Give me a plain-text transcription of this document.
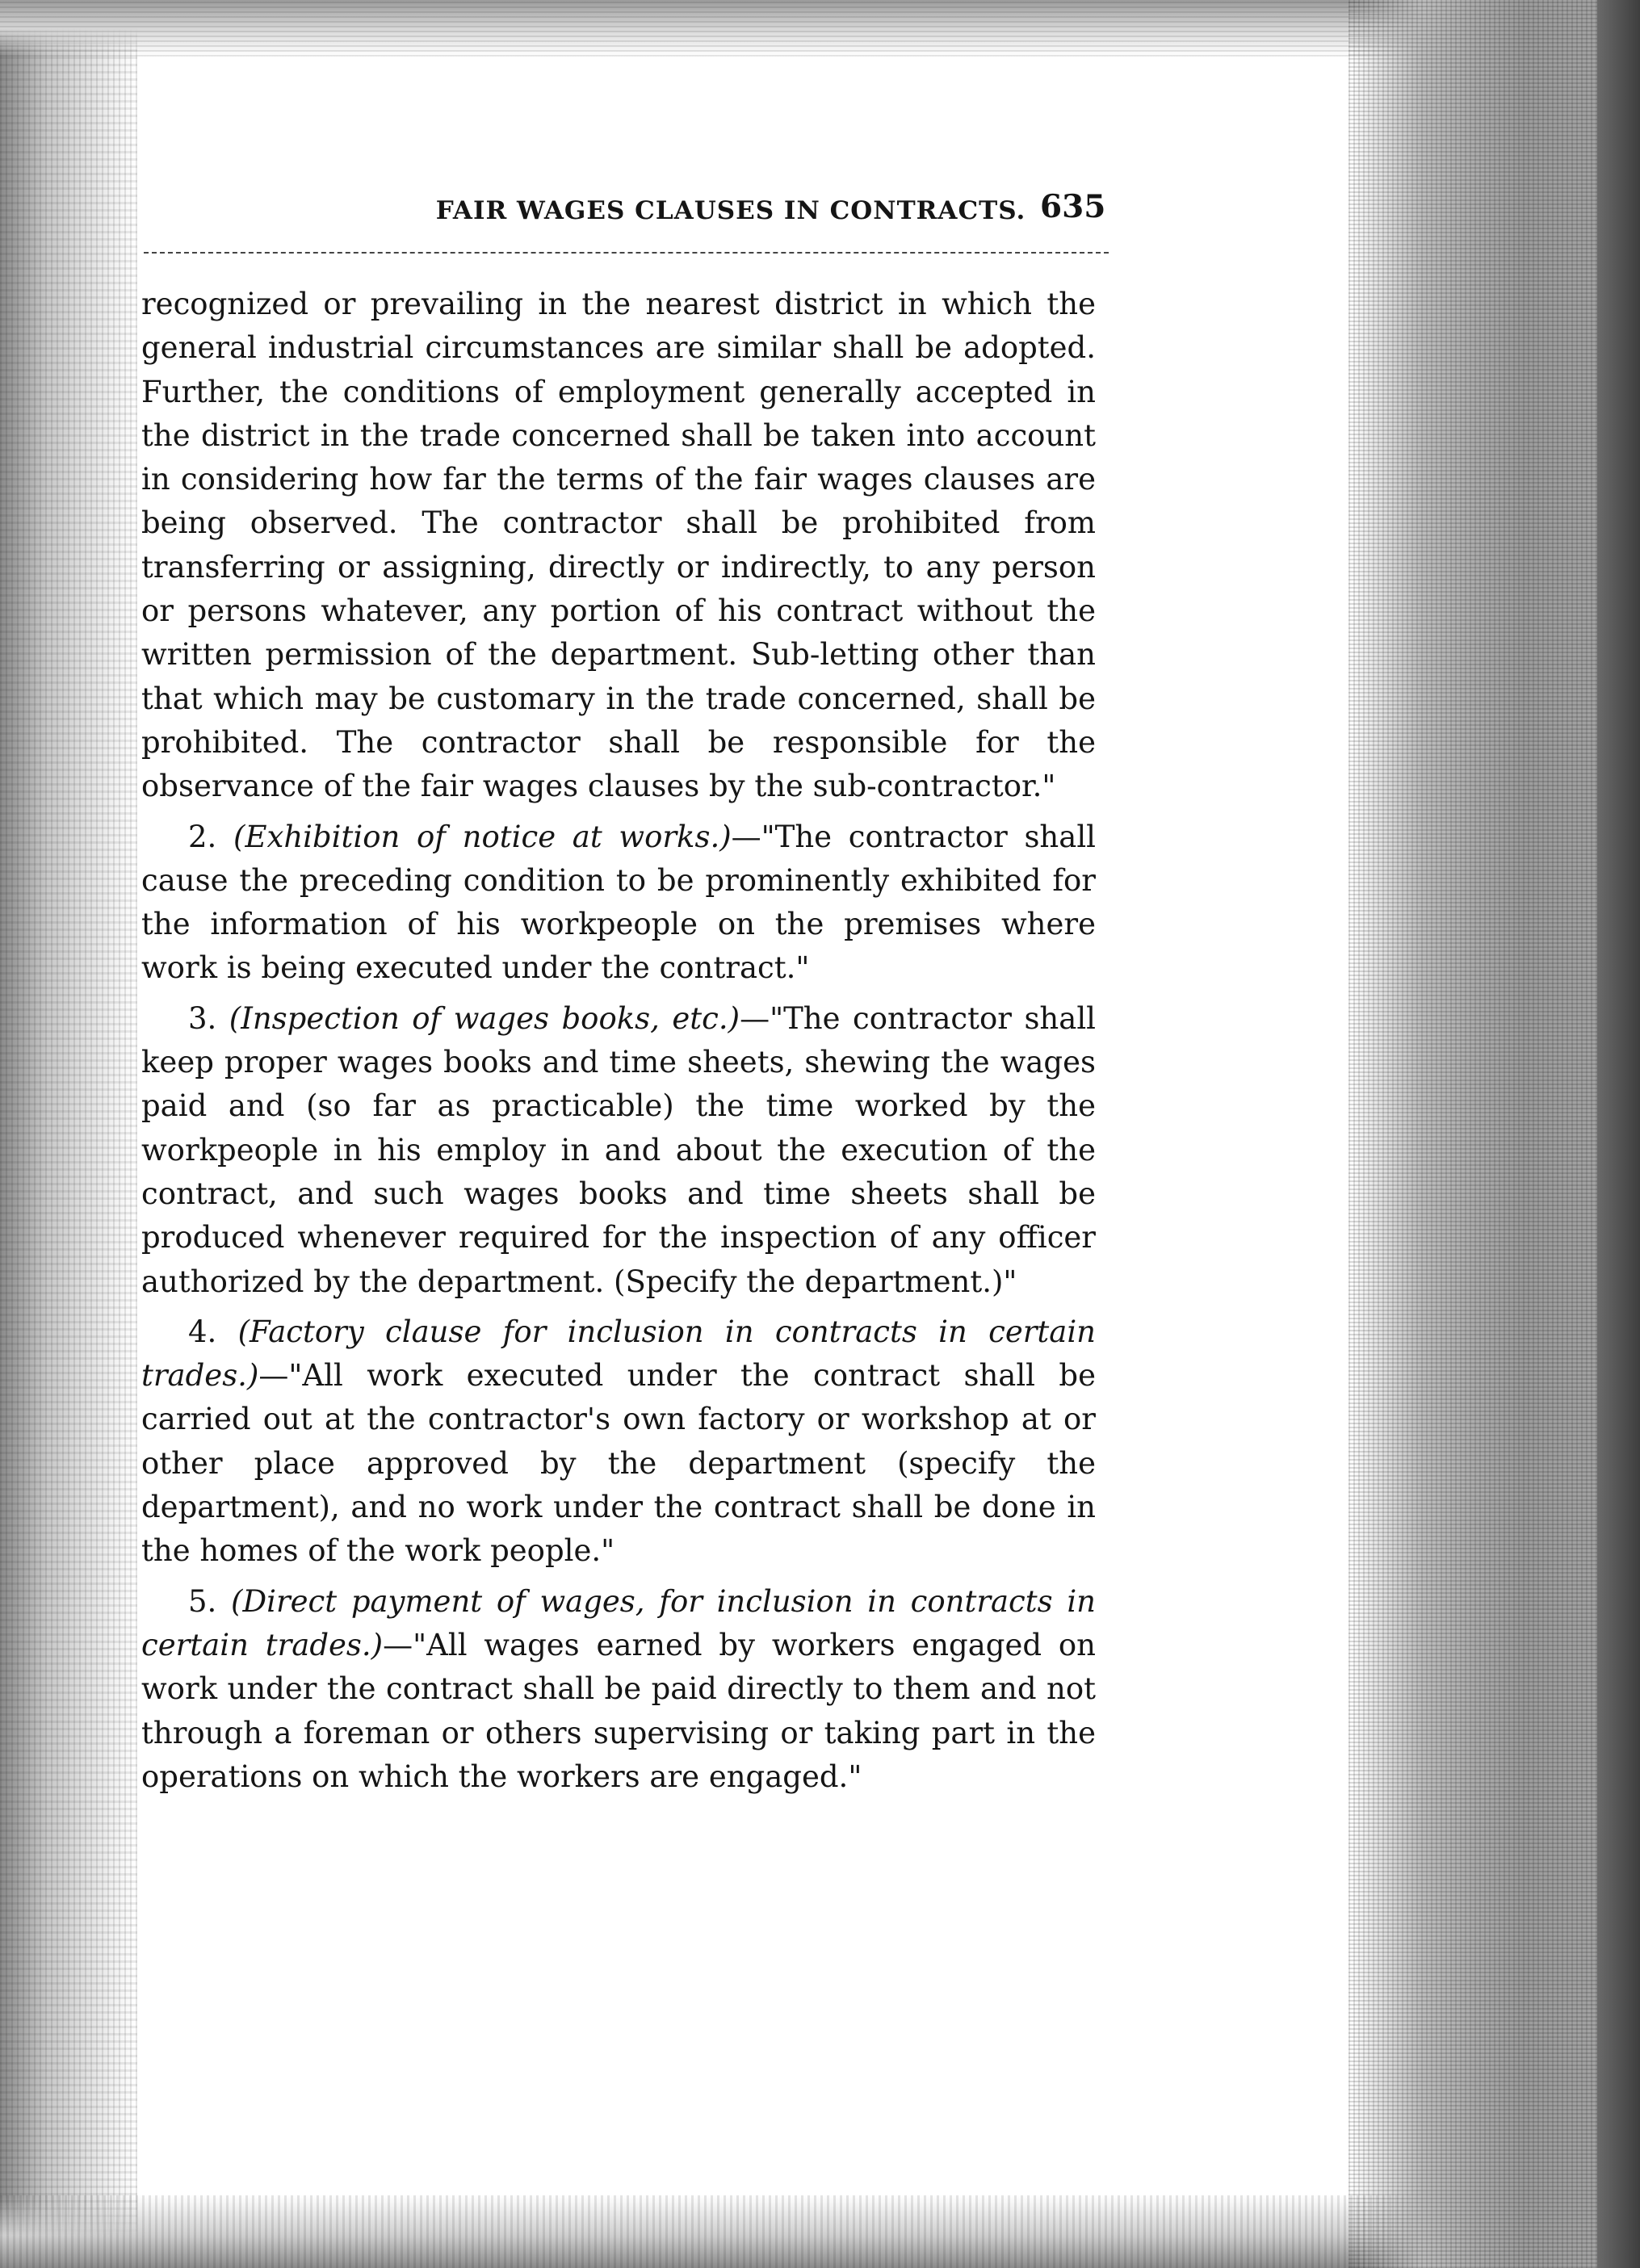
FAIR WAGES CLAUSES IN CONTRACTS. 635

recognized or prevailing in the nearest district in which the general industrial circumstances are similar shall be adopted. Further, the conditions of employment generally accepted in the district in the trade concerned shall be taken into account in considering how far the terms of the fair wages clauses are being observed. The contractor shall be prohibited from transferring or assigning, directly or indirectly, to any person or persons whatever, any portion of his contract without the written permission of the department. Sub-letting other than that which may be customary in the trade concerned, shall be prohibited. The contractor shall be responsible for the observance of the fair wages clauses by the sub-contractor."

2. (Exhibition of notice at works.)—"The contractor shall cause the preceding condition to be prominently exhibited for the information of his workpeople on the premises where work is being executed under the contract."

3. (Inspection of wages books, etc.)—"The contractor shall keep proper wages books and time sheets, shewing the wages paid and (so far as practicable) the time worked by the workpeople in his employ in and about the execution of the contract, and such wages books and time sheets shall be produced whenever required for the inspection of any officer authorized by the department. (Specify the department.)"

4. (Factory clause for inclusion in contracts in certain trades.)—"All work executed under the contract shall be carried out at the contractor's own factory or workshop at or other place approved by the department (specify the department), and no work under the contract shall be done in the homes of the work people."

5. (Direct payment of wages, for inclusion in contracts in certain trades.)—"All wages earned by workers engaged on work under the contract shall be paid directly to them and not through a foreman or others supervising or taking part in the operations on which the workers are engaged."
